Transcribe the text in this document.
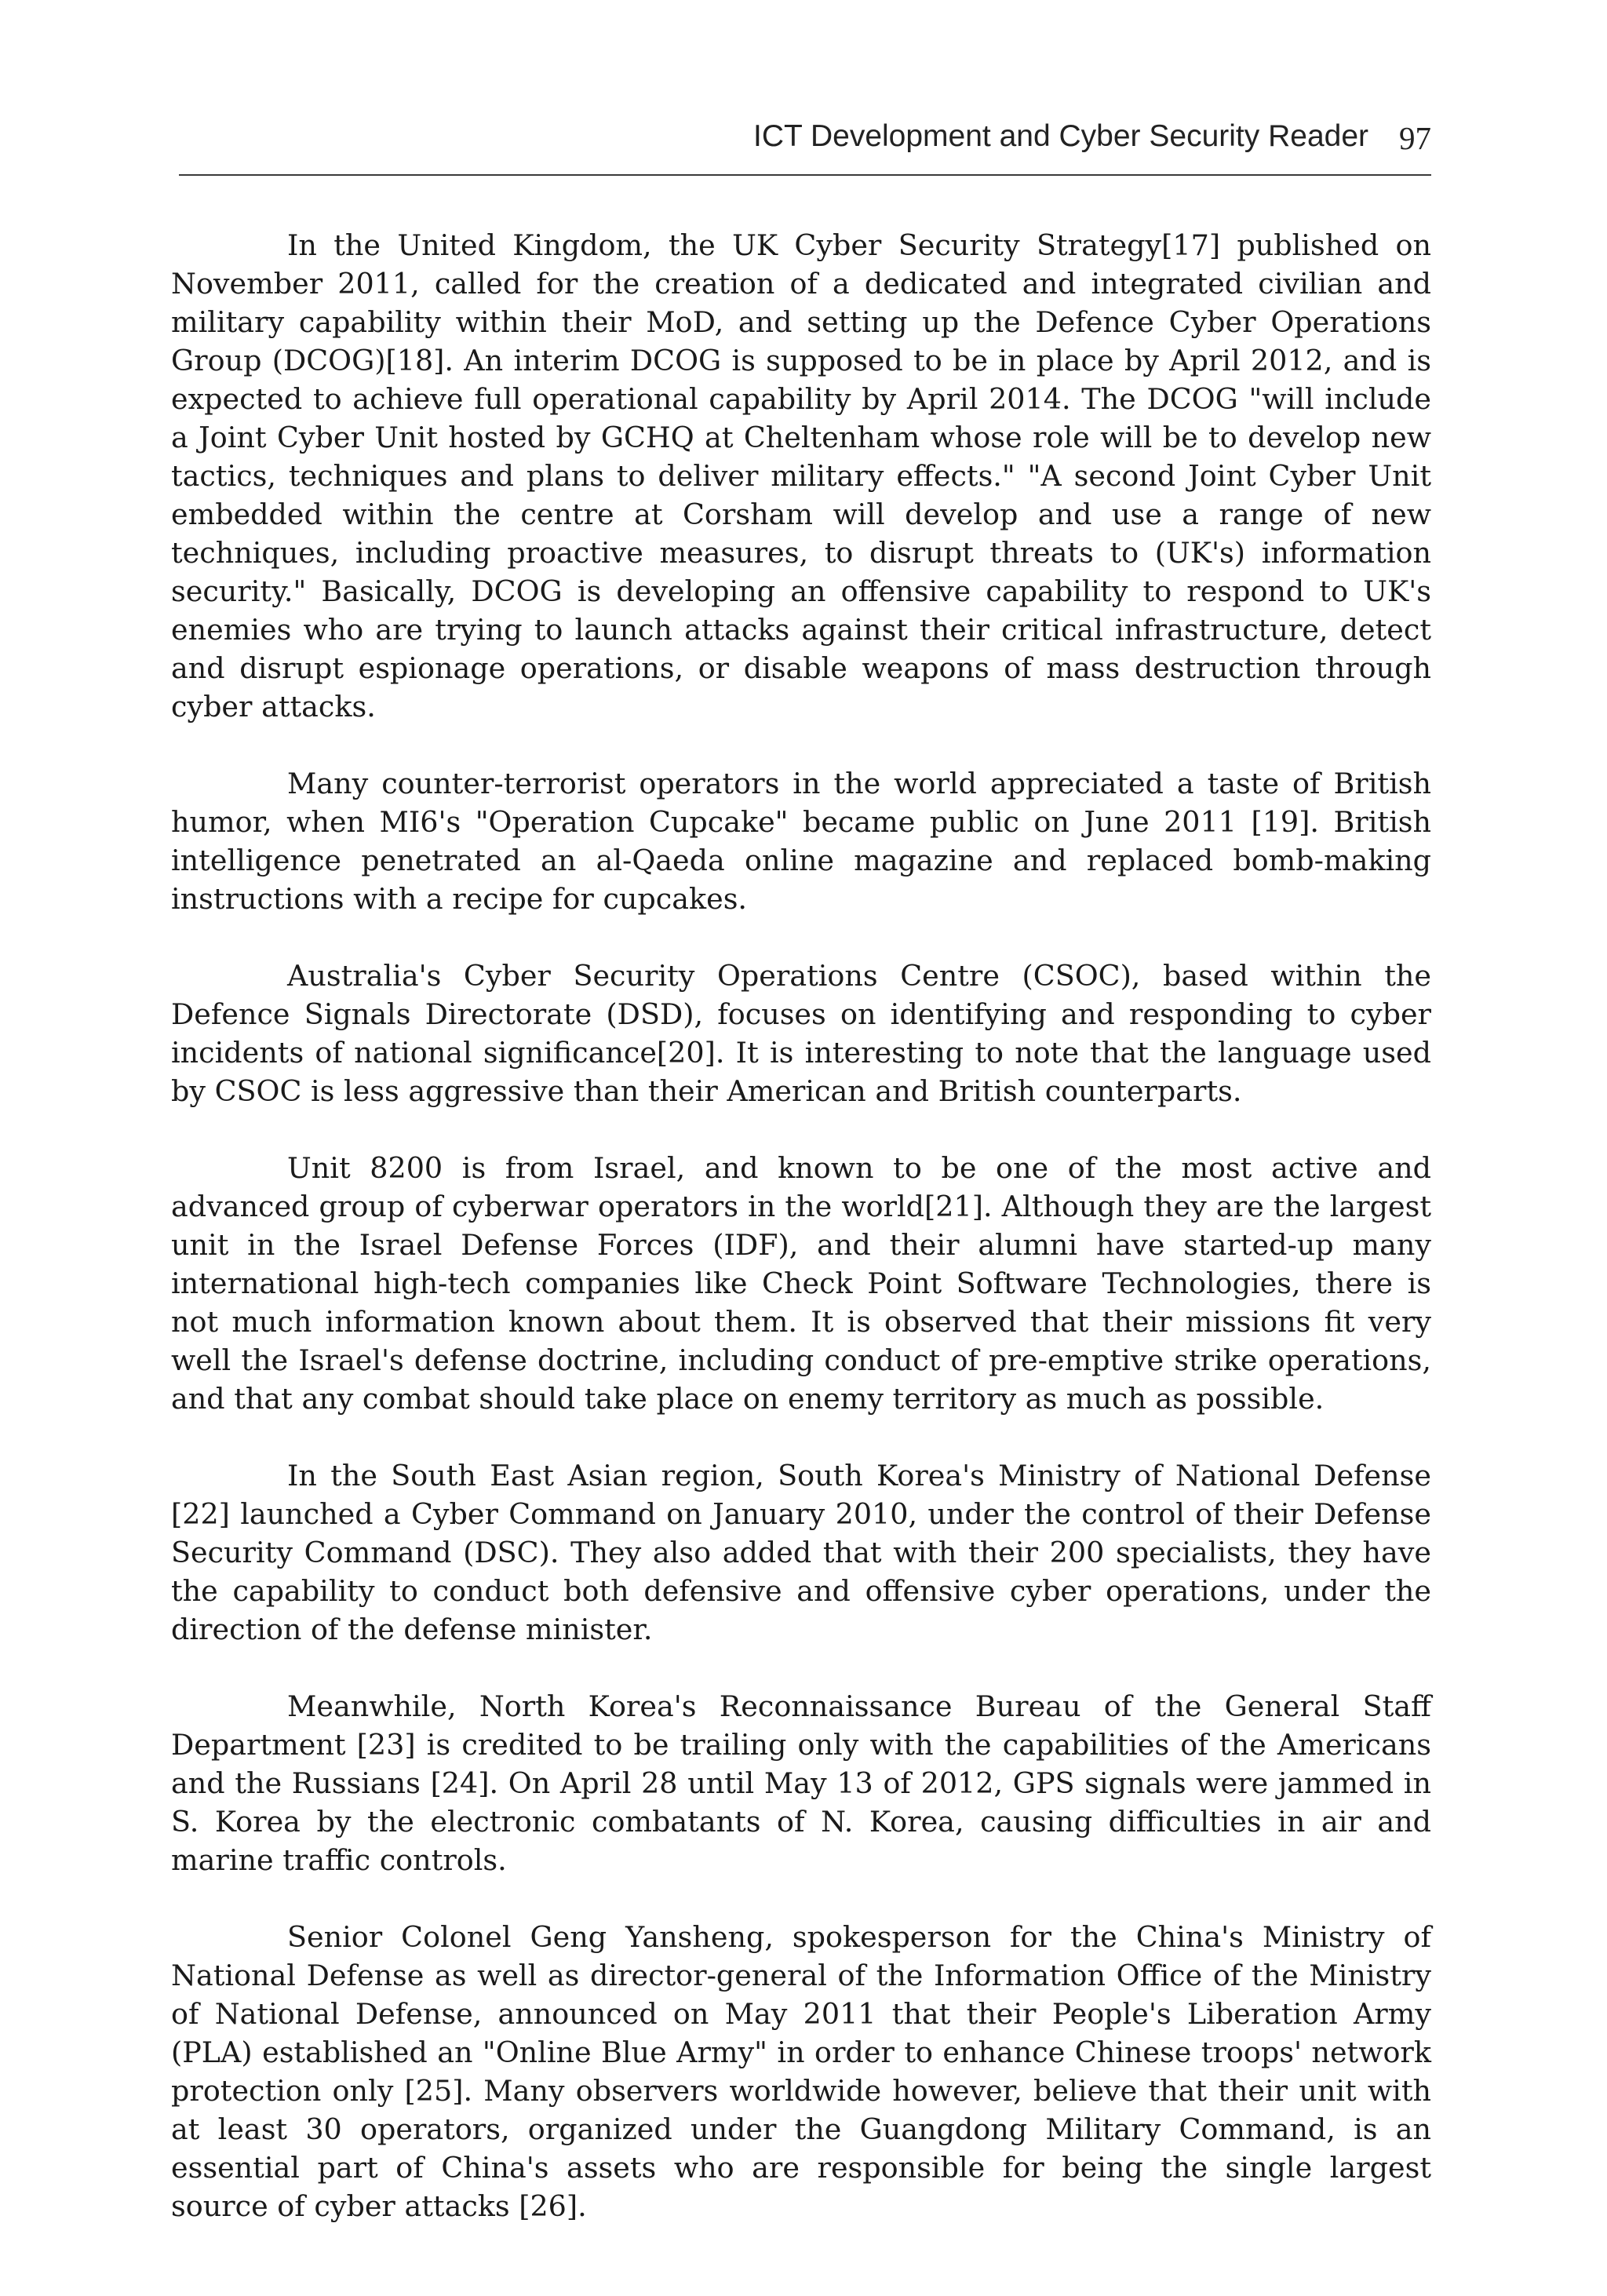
ICT Development and Cyber Security Reader 97

In the United Kingdom, the UK Cyber Security Strategy[17] published on November 2011, called for the creation of a dedicated and integrated civilian and military capability within their MoD, and setting up the Defence Cyber Operations Group (DCOG)[18]. An interim DCOG is supposed to be in place by April 2012, and is expected to achieve full operational capability by April 2014. The DCOG "will include a Joint Cyber Unit hosted by GCHQ at Cheltenham whose role will be to develop new tactics, techniques and plans to deliver military effects." "A second Joint Cyber Unit embedded within the centre at Corsham will develop and use a range of new techniques, including proactive measures, to disrupt threats to (UK's) information security." Basically, DCOG is developing an offensive capability to respond to UK's enemies who are trying to launch attacks against their critical infrastructure, detect and disrupt espionage operations, or disable weapons of mass destruction through cyber attacks.

Many counter-terrorist operators in the world appreciated a taste of British humor, when MI6's "Operation Cupcake" became public on June 2011 [19]. British intelligence penetrated an al-Qaeda online magazine and replaced bomb-making instructions with a recipe for cupcakes.

Australia's Cyber Security Operations Centre (CSOC), based within the Defence Signals Directorate (DSD), focuses on identifying and responding to cyber incidents of national significance[20]. It is interesting to note that the language used by CSOC is less aggressive than their American and British counterparts.

Unit 8200 is from Israel, and known to be one of the most active and advanced group of cyberwar operators in the world[21]. Although they are the largest unit in the Israel Defense Forces (IDF), and their alumni have started-up many international high-tech companies like Check Point Software Technologies, there is not much information known about them. It is observed that their missions fit very well the Israel's defense doctrine, including conduct of pre-emptive strike operations, and that any combat should take place on enemy territory as much as possible.

In the South East Asian region, South Korea's Ministry of National Defense [22] launched a Cyber Command on January 2010, under the control of their Defense Security Command (DSC). They also added that with their 200 specialists, they have the capability to conduct both defensive and offensive cyber operations, under the direction of the defense minister.

Meanwhile, North Korea's Reconnaissance Bureau of the General Staff Department [23] is credited to be trailing only with the capabilities of the Americans and the Russians [24]. On April 28 until May 13 of 2012, GPS signals were jammed in S. Korea by the electronic combatants of N. Korea, causing difficulties in air and marine traffic controls.

Senior Colonel Geng Yansheng, spokesperson for the China's Ministry of National Defense as well as director-general of the Information Office of the Ministry of National Defense, announced on May 2011 that their People's Liberation Army (PLA) established an "Online Blue Army" in order to enhance Chinese troops' network protection only [25]. Many observers worldwide however, believe that their unit with at least 30 operators, organized under the Guangdong Military Command, is an essential part of China's assets who are responsible for being the single largest source of cyber attacks [26].
